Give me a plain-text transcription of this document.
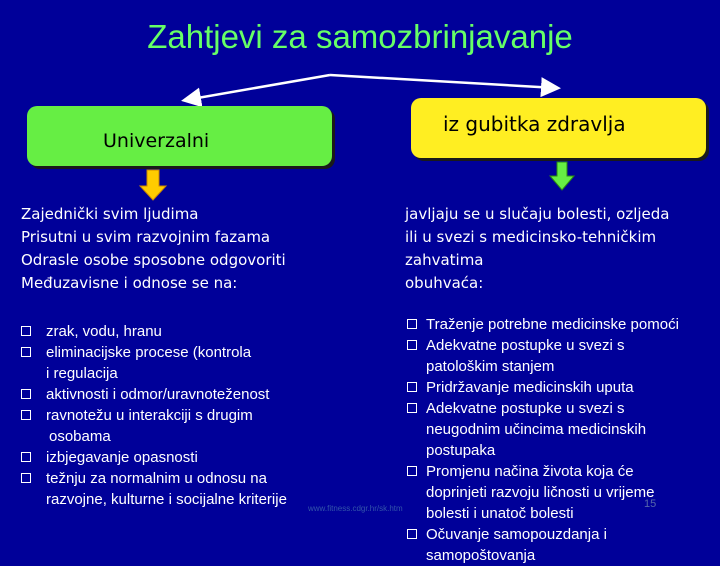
Zahtjevi za samozbrinjavanje
Univerzalni
iz gubitka zdravlja
Zajednički svim ljudima
Prisutni u svim razvojnim fazama
Odrasle osobe sposobne odgovoriti
Međuzavisne i odnose se na:
javljaju se u slučaju bolesti, ozljeda
ili u svezi s medicinsko-tehničkim
zahvatima
obuhvaća:
zrak, vodu, hranu
eliminacijske procese (kontrola
i regulacija
aktivnosti i odmor/uravnoteženost
ravnotežu u interakciji s drugim
osobama
izbjegavanje opasnosti
težnju za normalnim u odnosu na
razvojne, kulturne i socijalne kriterije
Traženje potrebne medicinske pomoći
Adekvatne postupke u svezi s
patološkim stanjem
Pridržavanje medicinskih uputa
Adekvatne postupke u svezi s
neugodnim učincima medicinskih
postupaka
Promjenu načina života koja će
doprinjeti razvoju ličnosti u vrijeme
bolesti i unatoč bolesti
Očuvanje samopouzdanja i
samopoštovanja
www.fitness.cdgr.hr/sk.htm	15
